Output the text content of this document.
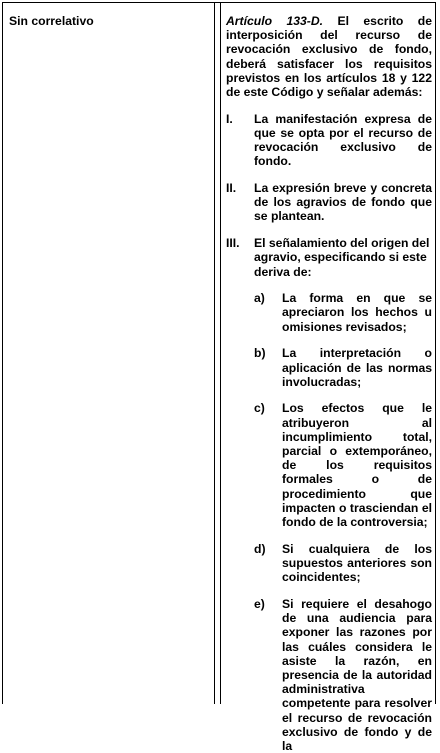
Sin correlativo	Artículo 133-D. El escrito de interposición del recurso de revocación exclusivo de fondo, deberá satisfacer los requisitos previstos en los artículos 18 y 122 de este Código y señalar además:

I.	La manifestación expresa de que se opta por el recurso de revocación exclusivo de fondo.
II.	La expresión breve y concreta de los agravios de fondo que se plantean.
III.	El señalamiento del origen del agravio, especificando si este deriva de:
a)	La forma en que se apreciaron los hechos u omisiones revisados;
b)	La interpretación o aplicación de las normas involucradas;
c)	Los efectos que le atribuyeron al incumplimiento total, parcial o extemporáneo, de los requisitos formales o de procedimiento que impacten o trasciendan el fondo de la controversia;
d)	Si cualquiera de los supuestos anteriores son coincidentes;
e)	Si requiere el desahogo de una audiencia para exponer las razones por las cuáles considera le asiste la razón, en presencia de la autoridad administrativa competente para resolver el recurso de revocación exclusivo de fondo y de la
